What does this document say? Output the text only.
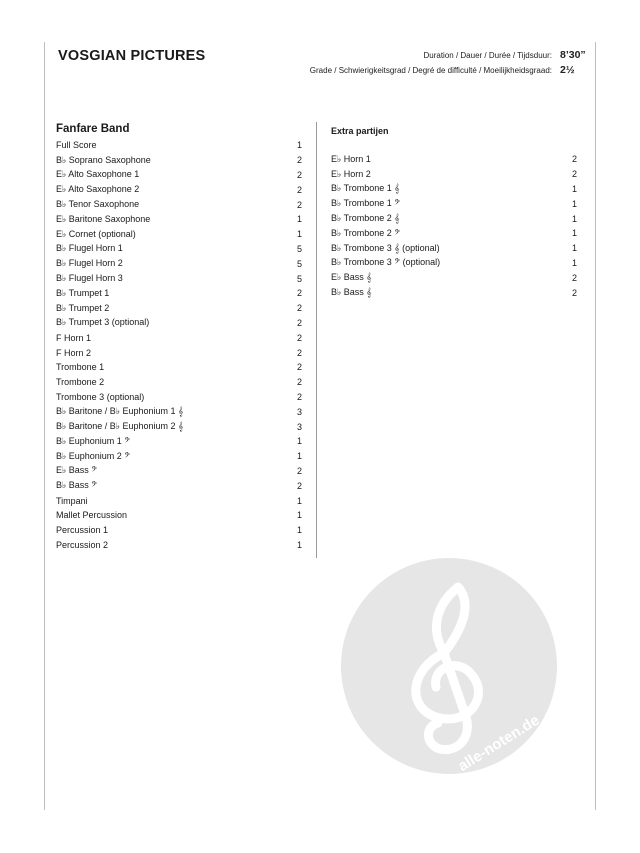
VOSGIAN PICTURES	Duration / Dauer / Durée / Tijdsduur: 8’30”
Grade / Schwierigkeitsgrad / Degré de difficulté / Moeilijkheidsgraad: 2½
Fanfare Band
Full Score	1
B♭ Soprano Saxophone	2
E♭ Alto Saxophone 1	2
E♭ Alto Saxophone 2	2
B♭ Tenor Saxophone	2
E♭ Baritone Saxophone	1
E♭ Cornet (optional)	1
B♭ Flugel Horn 1	5
B♭ Flugel Horn 2	5
B♭ Flugel Horn 3	5
B♭ Trumpet 1	2
B♭ Trumpet 2	2
B♭ Trumpet 3 (optional)	2
F Horn 1	2
F Horn 2	2
Trombone 1	2
Trombone 2	2
Trombone 3 (optional)	2
B♭ Baritone / B♭ Euphonium 1 𝄞	3
B♭ Baritone / B♭ Euphonium 2 𝄞	3
B♭ Euphonium 1 𝄢	1
B♭ Euphonium 2 𝄢	1
E♭ Bass 𝄢	2
B♭ Bass 𝄢	2
Timpani	1
Mallet Percussion	1
Percussion 1	1
Percussion 2	1
Extra partijen
E♭ Horn 1	2
E♭ Horn 2	2
B♭ Trombone 1 𝄞	1
B♭ Trombone 1 𝄢	1
B♭ Trombone 2 𝄞	1
B♭ Trombone 2 𝄢	1
B♭ Trombone 3 𝄞 (optional)	1
B♭ Trombone 3 𝄢 (optional)	1
E♭ Bass 𝄞	2
B♭ Bass 𝄞	2
alle-noten.de
